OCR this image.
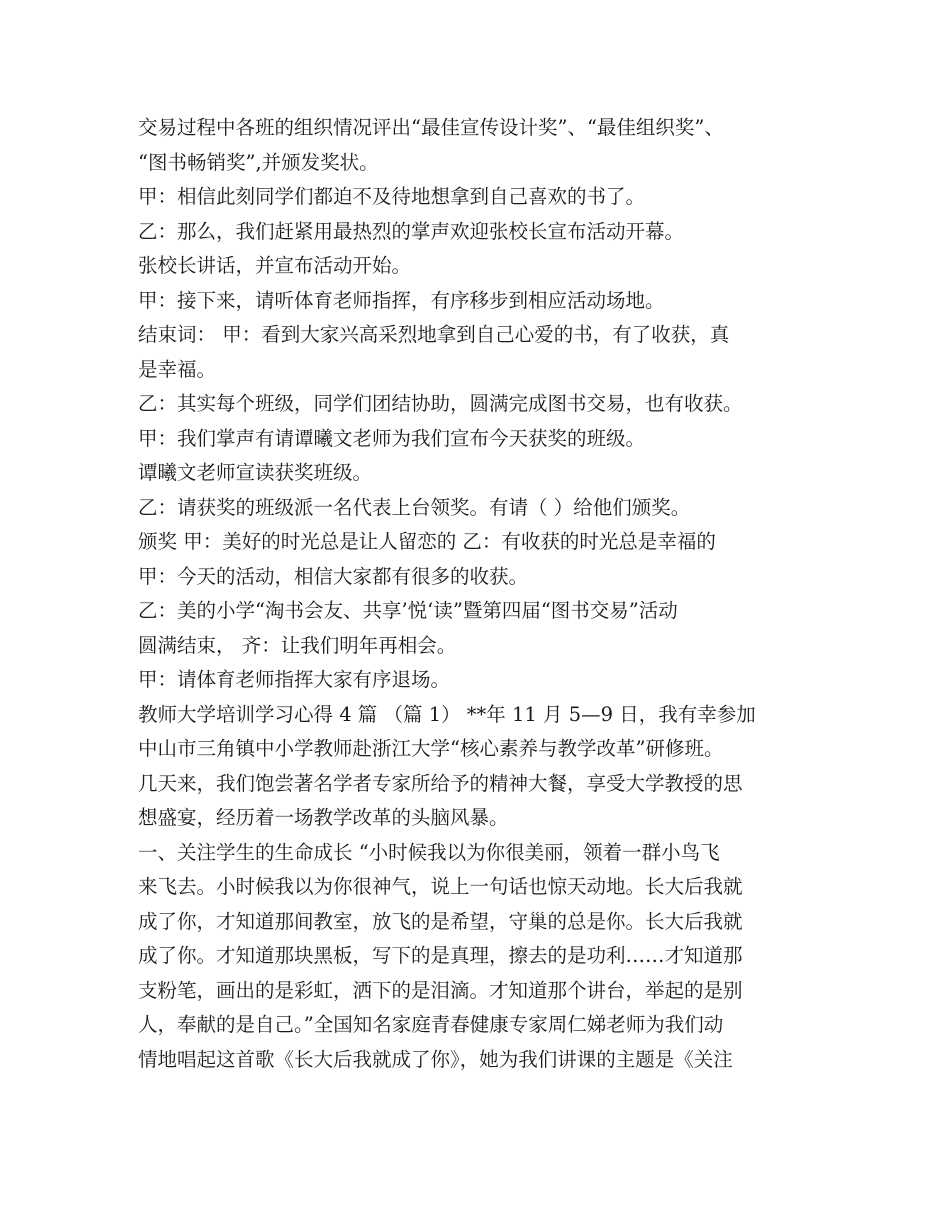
交易过程中各班的组织情况评出“最佳宣传设计奖”、“最佳组织奖”、
“图书畅销奖”,并颁发奖状。
甲：相信此刻同学们都迫不及待地想拿到自己喜欢的书了。
乙：那么，我们赶紧用最热烈的掌声欢迎张校长宣布活动开幕。
张校长讲话，并宣布活动开始。
甲：接下来，请听体育老师指挥，有序移步到相应活动场地。
结束词： 甲：看到大家兴高采烈地拿到自己心爱的书，有了收获，真
是幸福。
乙：其实每个班级，同学们团结协助，圆满完成图书交易，也有收获。
甲：我们掌声有请谭曦文老师为我们宣布今天获奖的班级。
谭曦文老师宣读获奖班级。
乙：请获奖的班级派一名代表上台领奖。有请（ ）给他们颁奖。
颁奖 甲：美好的时光总是让人留恋的 乙：有收获的时光总是幸福的
甲：今天的活动，相信大家都有很多的收获。
乙：美的小学“淘书会友、共享’悦‘读”暨第四届“图书交易”活动
圆满结束， 齐：让我们明年再相会。
甲：请体育老师指挥大家有序退场。
教师大学培训学习心得 4 篇 （篇 1） **年 11 月 5—9 日，我有幸参加
中山市三角镇中小学教师赴浙江大学“核心素养与教学改革”研修班。
几天来，我们饱尝著名学者专家所给予的精神大餐，享受大学教授的思
想盛宴，经历着一场教学改革的头脑风暴。
一、关注学生的生命成长 “小时候我以为你很美丽，领着一群小鸟飞
来飞去。小时候我以为你很神气，说上一句话也惊天动地。长大后我就
成了你，才知道那间教室，放飞的是希望，守巢的总是你。长大后我就
成了你。才知道那块黑板，写下的是真理，擦去的是功利……才知道那
支粉笔，画出的是彩虹，洒下的是泪滴。才知道那个讲台，举起的是别
人，奉献的是自己。”全国知名家庭青春健康专家周仁娣老师为我们动
情地唱起这首歌《长大后我就成了你》，她为我们讲课的主题是《关注
